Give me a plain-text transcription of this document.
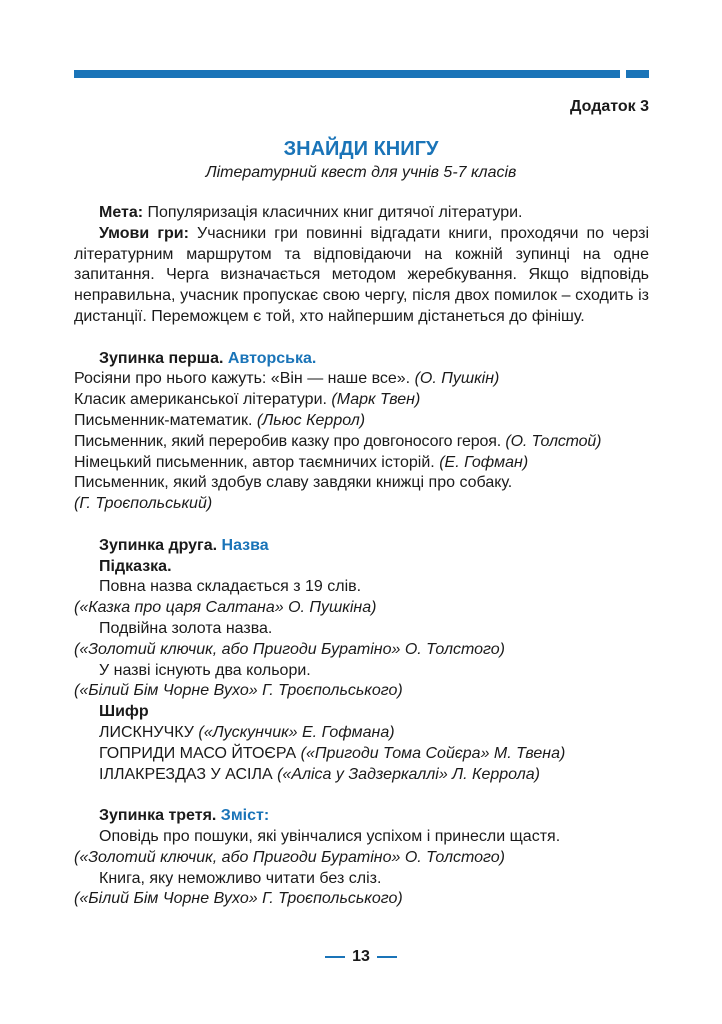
Додаток 3
ЗНАЙДИ КНИГУ
Літературний квест для учнів 5-7 класів

Мета: Популяризація класичних книг дитячої літератури.

Умови гри: Учасники гри повинні відгадати книги, проходячи по черзі літературним маршрутом та відповідаючи на кожній зупинці на одне запитання. Черга визначається методом жеребкування. Якщо відповідь неправильна, учасник пропускає свою чергу, після двох помилок – сходить із дистанції. Переможцем є той, хто найпершим дістанеться до фінішу.

Зупинка перша. Авторська.

Росіяни про нього кажуть: «Він — наше все». (О. Пушкін)

Класик американської літератури. (Марк Твен)

Письменник-математик. (Льюс Керрол)

Письменник, який переробив казку про довгоносого героя. (О. Толстой)

Німецький письменник, автор таємничих історій. (Е. Гофман)

Письменник, який здобув славу завдяки книжці про собаку.

(Г. Троєпольський)

Зупинка друга. Назва

Підказка.

Повна назва складається з 19 слів.

(«Казка про царя Салтана» О. Пушкіна)

Подвійна золота назва.

(«Золотий ключик, або Пригоди Буратіно» О. Толстого)

У назві існують два кольори.

(«Білий Бім Чорне Вухо» Г. Троєпольського)

Шифр

ЛИСКНУЧКУ («Лускунчик» Е. Гофмана)

ГОПРИДИ МАСО ЙТОЄРА («Пригоди Тома Сойєра» М. Твена)

ІЛЛАКРЕЗДАЗ У АСІЛА («Аліса у Задзеркаллі» Л. Керрола)

Зупинка третя. Зміст:

Оповідь про пошуки, які увінчалися успіхом і принесли щастя.

(«Золотий ключик, або Пригоди Буратіно» О. Толстого)

Книга, яку неможливо читати без сліз.

(«Білий Бім Чорне Вухо» Г. Троєпольського)

13
